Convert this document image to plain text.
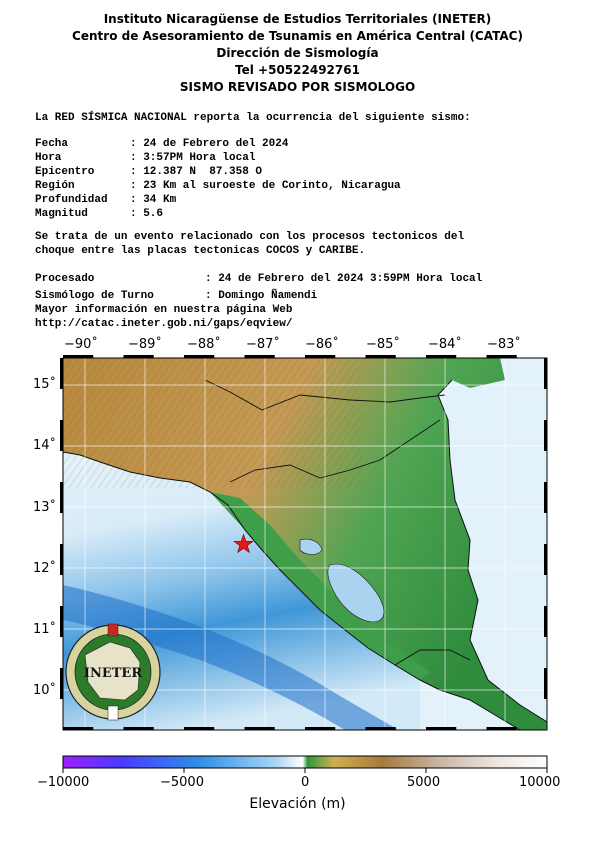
Instituto Nicaragüense de Estudios Territoriales (INETER)
Centro de Asesoramiento de Tsunamis en América Central (CATAC)
Dirección de Sismología
Tel +50522492761
SISMO REVISADO POR SISMOLOGO
La RED SÍSMICA NACIONAL reporta la ocurrencia del siguiente sismo:
Fecha	: 24 de Febrero del 2024
Hora	: 3:57PM Hora local
Epicentro	: 12.387 N  87.358 O
Región	: 23 Km al suroeste de Corinto, Nicaragua
Profundidad : 34 Km
Magnitud	: 5.6
Se trata de un evento relacionado con los procesos tectonicos del
choque entre las placas tectonicas COCOS y CARIBE.
Procesado	: 24 de Febrero del 2024 3:59PM Hora local
Sismólogo de Turno	: Domingo Ñamendi
Mayor información en nuestra página Web
http://catac.ineter.gob.ni/gaps/eqview/
INETER
−90˚ −89˚ −88˚ −87˚ −86˚ −85˚ −84˚ −83˚
15˚
14˚
13˚
12˚
11˚
10˚
−10000	−5000	0	5000	10000
Elevación (m)
